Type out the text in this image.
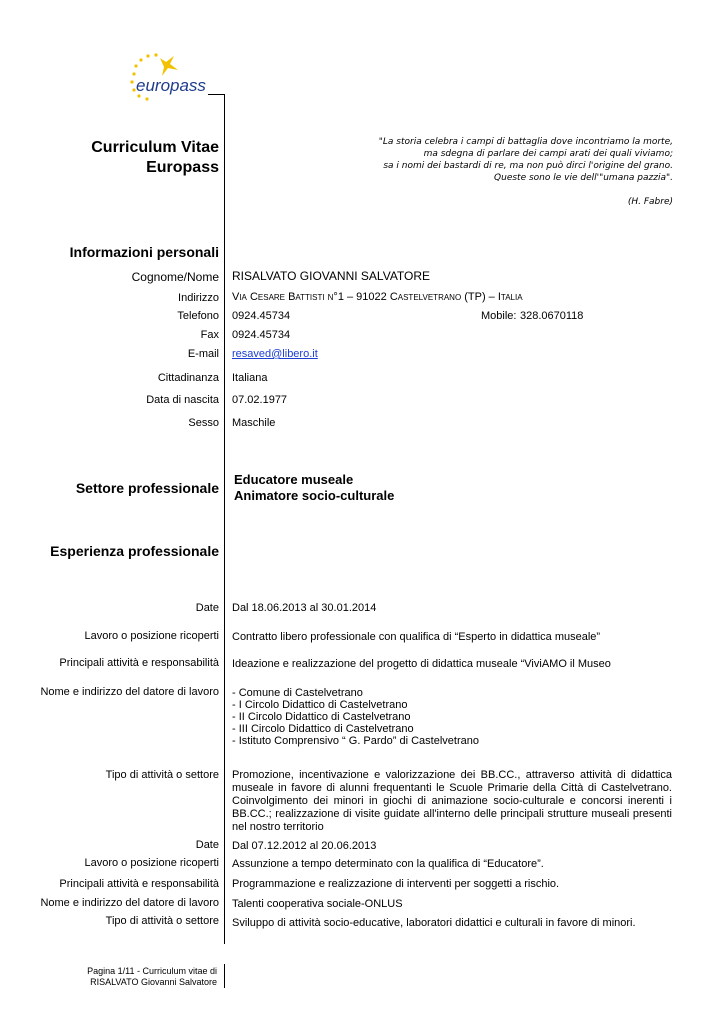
europass
Curriculum Vitae
Europass
"La storia celebra i campi di battaglia dove incontriamo la morte,
ma sdegna di parlare dei campi arati dei quali viviamo;
sa i nomi dei bastardi di re, ma non può dirci l'origine del grano.
Queste sono le vie dell'"umana pazzia".
(H. Fabre)
Informazioni personali
Cognome/Nome RISALVATO GIOVANNI SALVATORE
Indirizzo Via Cesare Battisti n°1 – 91022 Castelvetrano (TP) – Italia
Telefono 0924.45734	Mobile: 328.0670118
Fax 0924.45734
E-mail resaved@libero.it
Cittadinanza Italiana
Data di nascita 07.02.1977
Sesso Maschile
Settore professionale
Educatore museale
Animatore socio-culturale
Esperienza professionale
Date Dal 18.06.2013 al 30.01.2014
Lavoro o posizione ricoperti Contratto libero professionale con qualifica di “Esperto in didattica museale”
Principali attività e responsabilità Ideazione e realizzazione del progetto di didattica museale “ViviAMO il Museo
Nome e indirizzo del datore di lavoro - Comune di Castelvetrano
- I Circolo Didattico di Castelvetrano
- II Circolo Didattico di Castelvetrano
- III Circolo Didattico di Castelvetrano
- Istituto Comprensivo “ G. Pardo” di Castelvetrano
Tipo di attività o settore Promozione, incentivazione e valorizzazione dei BB.CC., attraverso attività di didattica museale in favore di alunni frequentanti le Scuole Primarie della Città di Castelvetrano. Coinvolgimento dei minori in giochi di animazione socio-culturale e concorsi inerenti i BB.CC.; realizzazione di visite guidate all'interno delle principali strutture museali presenti nel nostro territorio
Date Dal 07.12.2012 al 20.06.2013
Lavoro o posizione ricoperti Assunzione a tempo determinato con la qualifica di “Educatore”.
Principali attività e responsabilità Programmazione e realizzazione di interventi per soggetti a rischio.
Nome e indirizzo del datore di lavoro Talenti cooperativa sociale-ONLUS
Tipo di attività o settore Sviluppo di attività socio-educative, laboratori didattici e culturali in favore di minori.
Pagina 1/11 - Curriculum vitae di
RISALVATO Giovanni Salvatore
